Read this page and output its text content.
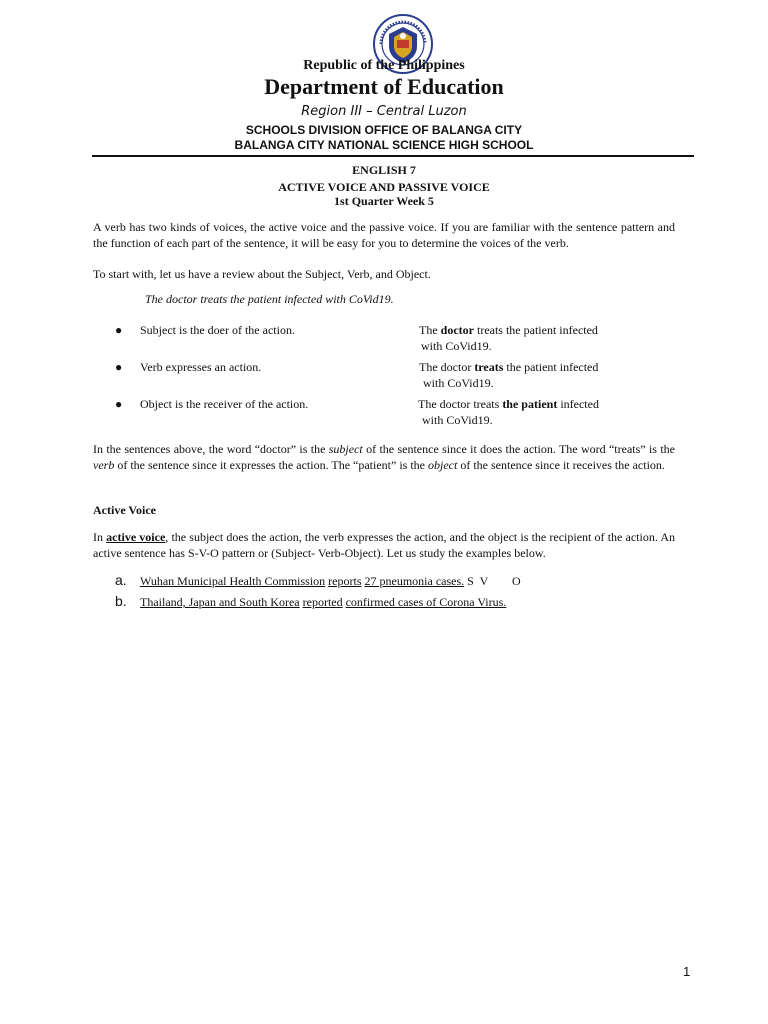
Republic of the Philippines
Department of Education
Region III – Central Luzon
SCHOOLS DIVISION OFFICE OF BALANGA CITY
BALANGA CITY NATIONAL SCIENCE HIGH SCHOOL
ENGLISH 7
ACTIVE VOICE AND PASSIVE VOICE
1st Quarter Week 5
A verb has two kinds of voices, the active voice and the passive voice. If you are familiar with the sentence pattern and the function of each part of the sentence, it will be easy for you to determine the voices of the verb.
To start with, let us have a review about the Subject, Verb, and Object.
The doctor treats the patient infected with CoVid19.
● Subject is the doer of the action.	The doctor treats the patient infected
with CoVid19.
● Verb expresses an action.	The doctor treats the patient infected
with CoVid19.
● Object is the receiver of the action.	The doctor treats the patient infected
with CoVid19.
In the sentences above, the word “doctor” is the subject of the sentence since it does the action. The word “treats” is the verb of the sentence since it expresses the action. The “patient” is the object of the sentence since it receives the action.
Active Voice
In active voice, the subject does the action, the verb expresses the action, and the object is the recipient of the action. An active sentence has S-V-O pattern or (Subject- Verb-Object). Let us study the examples below.
a. Wuhan Municipal Health Commission reports 27 pneumonia cases. S  V        O
b. Thailand, Japan and South Korea reported confirmed cases of Corona Virus.
1
